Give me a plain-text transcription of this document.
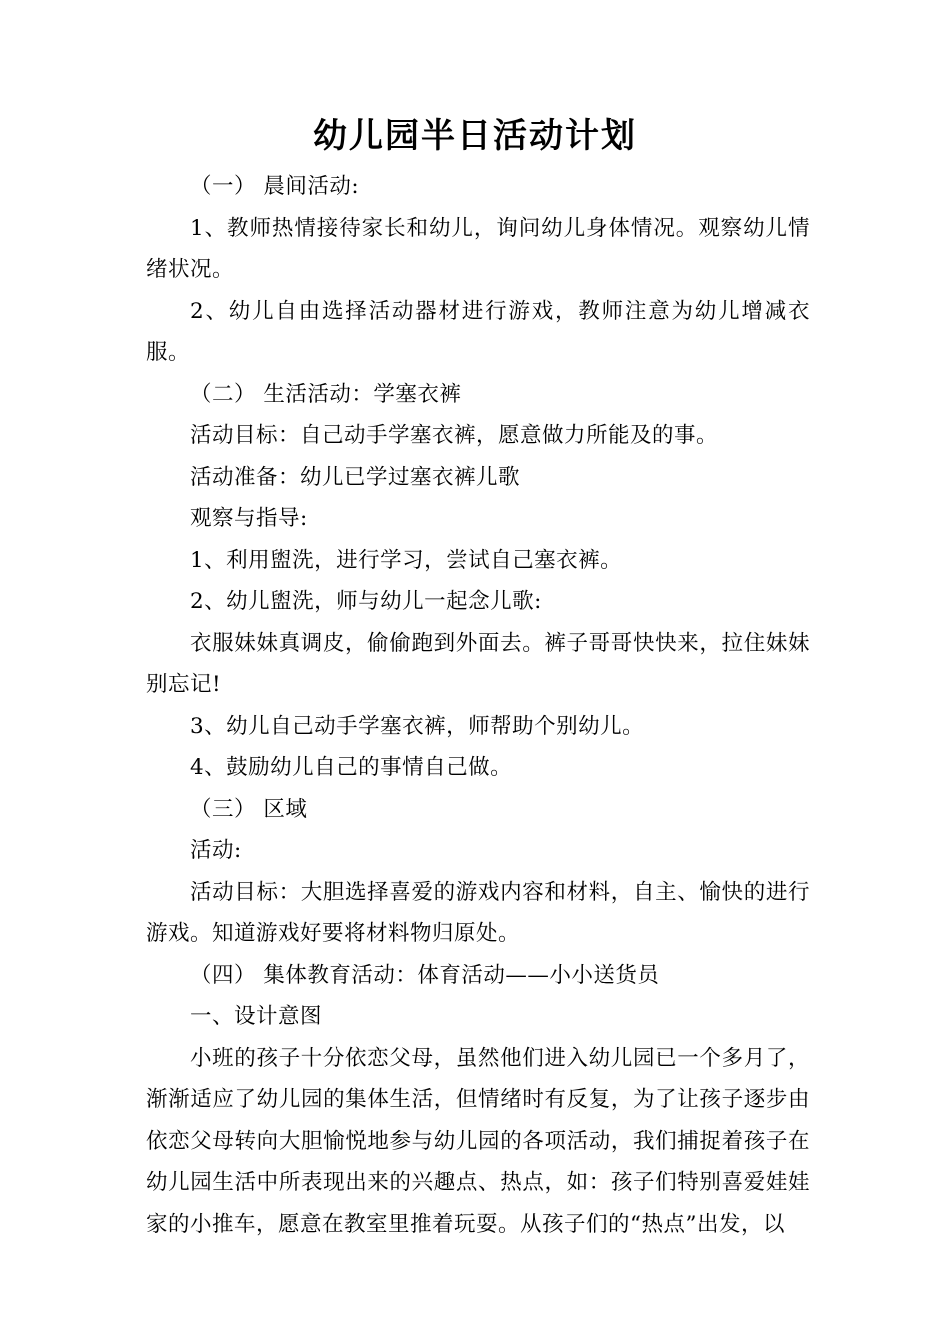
幼儿园半日活动计划

（一） 晨间活动:

1、教师热情接待家长和幼儿，询问幼儿身体情况。观察幼儿情绪状况。

2、幼儿自由选择活动器材进行游戏，教师注意为幼儿增减衣服。

（二） 生活活动：学塞衣裤

活动目标：自己动手学塞衣裤，愿意做力所能及的事。

活动准备：幼儿已学过塞衣裤儿歌

观察与指导:

1、利用盥洗，进行学习，尝试自己塞衣裤。

2、幼儿盥洗，师与幼儿一起念儿歌:

衣服妹妹真调皮，偷偷跑到外面去。裤子哥哥快快来，拉住妹妹别忘记!

3、幼儿自己动手学塞衣裤，师帮助个别幼儿。

4、鼓励幼儿自己的事情自己做。

（三） 区域

活动:

活动目标：大胆选择喜爱的游戏内容和材料，自主、愉快的进行游戏。知道游戏好要将材料物归原处。

（四） 集体教育活动：体育活动——小小送货员

一、设计意图

小班的孩子十分依恋父母，虽然他们进入幼儿园已一个多月了，渐渐适应了幼儿园的集体生活，但情绪时有反复，为了让孩子逐步由依恋父母转向大胆愉悦地参与幼儿园的各项活动，我们捕捉着孩子在幼儿园生活中所表现出来的兴趣点、热点，如：孩子们特别喜爱娃娃家的小推车，愿意在教室里推着玩耍。从孩子们的“热点”出发，以
